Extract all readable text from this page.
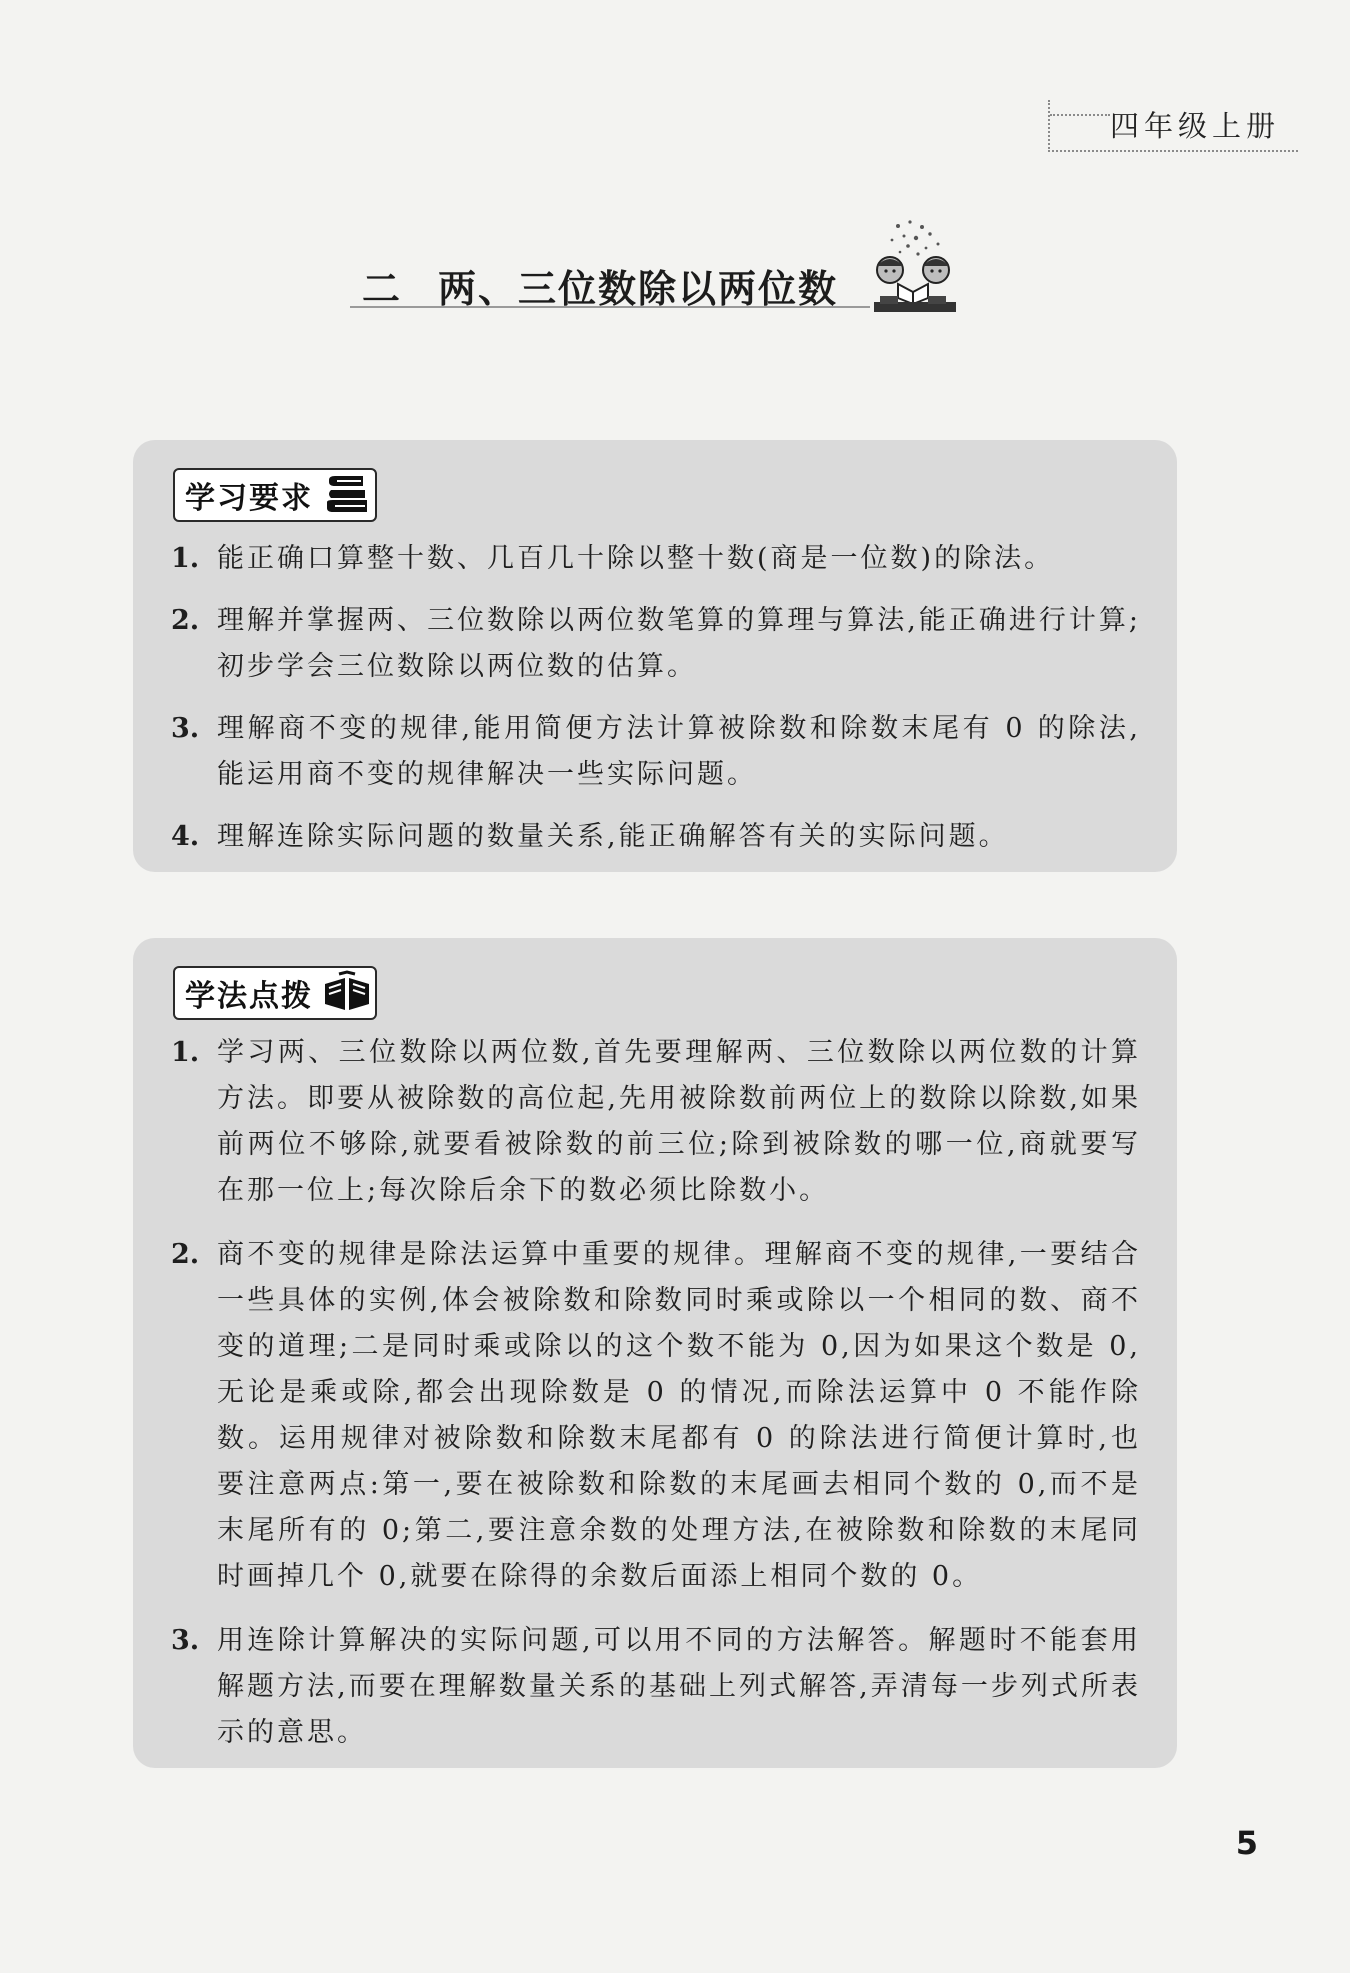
四年级上册
二 两、三位数除以两位数
学习要求
1. 能正确口算整十数、几百几十除以整十数(商是一位数)的除法。
2. 理解并掌握两、三位数除以两位数笔算的算理与算法,能正确进行计算;初步学会三位数除以两位数的估算。
3. 理解商不变的规律,能用简便方法计算被除数和除数末尾有 0 的除法,能运用商不变的规律解决一些实际问题。
4. 理解连除实际问题的数量关系,能正确解答有关的实际问题。
学法点拨
1. 学习两、三位数除以两位数,首先要理解两、三位数除以两位数的计算方法。即要从被除数的高位起,先用被除数前两位上的数除以除数,如果前两位不够除,就要看被除数的前三位;除到被除数的哪一位,商就要写在那一位上;每次除后余下的数必须比除数小。
2. 商不变的规律是除法运算中重要的规律。理解商不变的规律,一要结合一些具体的实例,体会被除数和除数同时乘或除以一个相同的数、商不变的道理;二是同时乘或除以的这个数不能为 0,因为如果这个数是 0,无论是乘或除,都会出现除数是 0 的情况,而除法运算中 0 不能作除数。运用规律对被除数和除数末尾都有 0 的除法进行简便计算时,也要注意两点:第一,要在被除数和除数的末尾画去相同个数的 0,而不是末尾所有的 0;第二,要注意余数的处理方法,在被除数和除数的末尾同时画掉几个 0,就要在除得的余数后面添上相同个数的 0。
3. 用连除计算解决的实际问题,可以用不同的方法解答。解题时不能套用解题方法,而要在理解数量关系的基础上列式解答,弄清每一步列式所表示的意思。
5
